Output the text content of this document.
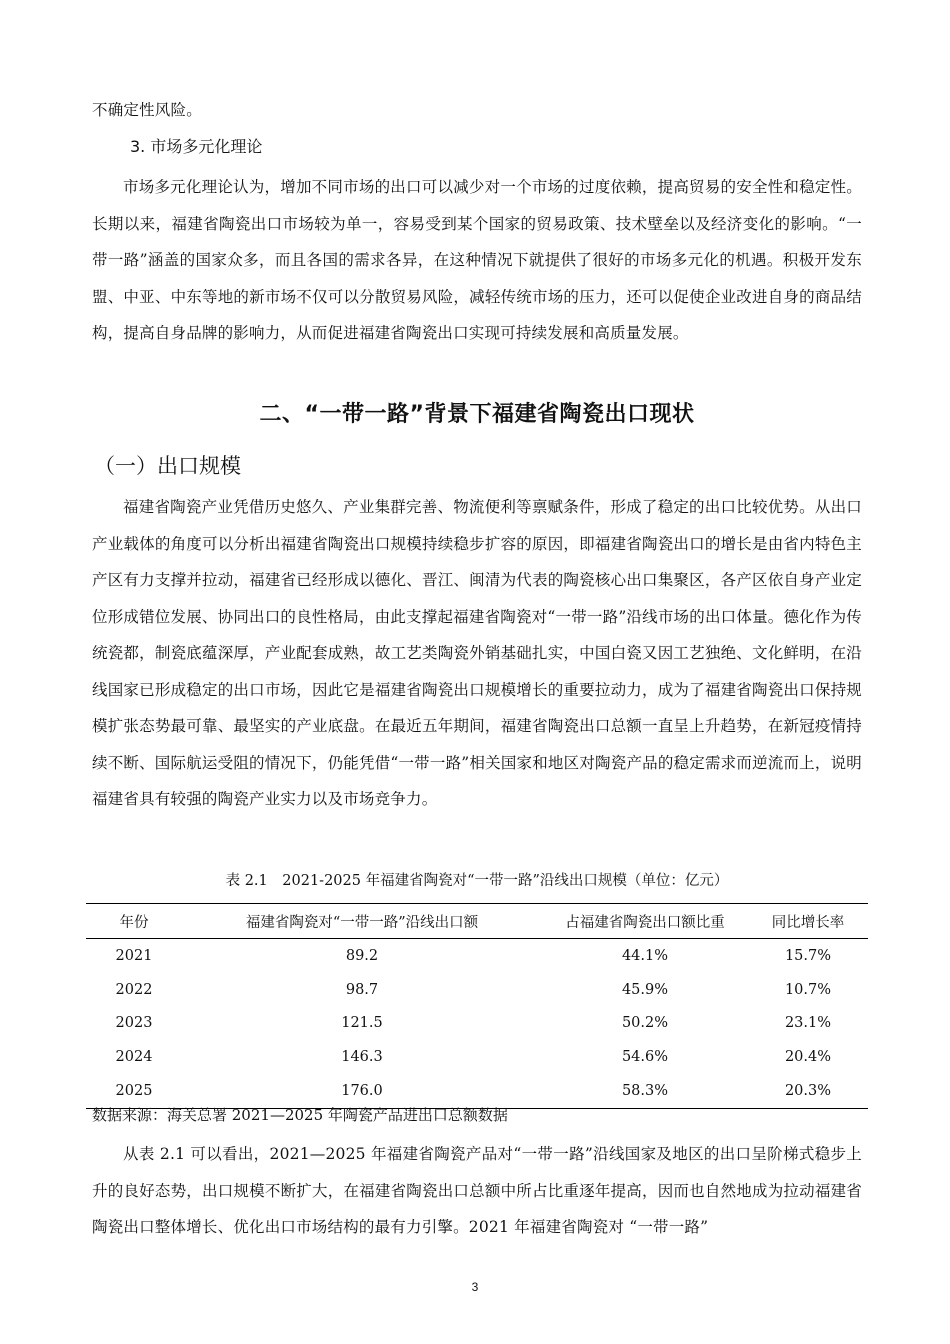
不确定性风险。

3. 市场多元化理论

市场多元化理论认为，增加不同市场的出口可以减少对一个市场的过度依赖，提高贸易的安全性和稳定性。长期以来，福建省陶瓷出口市场较为单一，容易受到某个国家的贸易政策、技术壁垒以及经济变化的影响。“一带一路”涵盖的国家众多，而且各国的需求各异，在这种情况下就提供了很好的市场多元化的机遇。积极开发东盟、中亚、中东等地的新市场不仅可以分散贸易风险，减轻传统市场的压力，还可以促使企业改进自身的商品结构，提高自身品牌的影响力，从而促进福建省陶瓷出口实现可持续发展和高质量发展。

二、“一带一路”背景下福建省陶瓷出口现状
（一）出口规模

福建省陶瓷产业凭借历史悠久、产业集群完善、物流便利等禀赋条件，形成了稳定的出口比较优势。从出口产业载体的角度可以分析出福建省陶瓷出口规模持续稳步扩容的原因，即福建省陶瓷出口的增长是由省内特色主产区有力支撑并拉动，福建省已经形成以德化、晋江、闽清为代表的陶瓷核心出口集聚区，各产区依自身产业定位形成错位发展、协同出口的良性格局，由此支撑起福建省陶瓷对“一带一路”沿线市场的出口体量。德化作为传统瓷都，制瓷底蕴深厚，产业配套成熟，故工艺类陶瓷外销基础扎实，中国白瓷又因工艺独绝、文化鲜明，在沿线国家已形成稳定的出口市场，因此它是福建省陶瓷出口规模增长的重要拉动力，成为了福建省陶瓷出口保持规模扩张态势最可靠、最坚实的产业底盘。在最近五年期间，福建省陶瓷出口总额一直呈上升趋势，在新冠疫情持续不断、国际航运受阻的情况下，仍能凭借“一带一路”相关国家和地区对陶瓷产品的稳定需求而逆流而上，说明福建省具有较强的陶瓷产业实力以及市场竞争力。

表 2.1　2021-2025 年福建省陶瓷对“一带一路”沿线出口规模（单位：亿元）
年份	福建省陶瓷对“一带一路”沿线出口额	占福建省陶瓷出口额比重	同比增长率
2021	89.2	44.1%	15.7%
2022	98.7	45.9%	10.7%
2023	121.5	50.2%	23.1%
2024	146.3	54.6%	20.4%
2025	176.0	58.3%	20.3%
数据来源：海关总署 2021—2025 年陶瓷产品进出口总额数据

从表 2.1 可以看出，2021—2025 年福建省陶瓷产品对“一带一路”沿线国家及地区的出口呈阶梯式稳步上升的良好态势，出口规模不断扩大，在福建省陶瓷出口总额中所占比重逐年提高，因而也自然地成为拉动福建省陶瓷出口整体增长、优化出口市场结构的最有力引擎。2021 年福建省陶瓷对 “一带一路”

3
